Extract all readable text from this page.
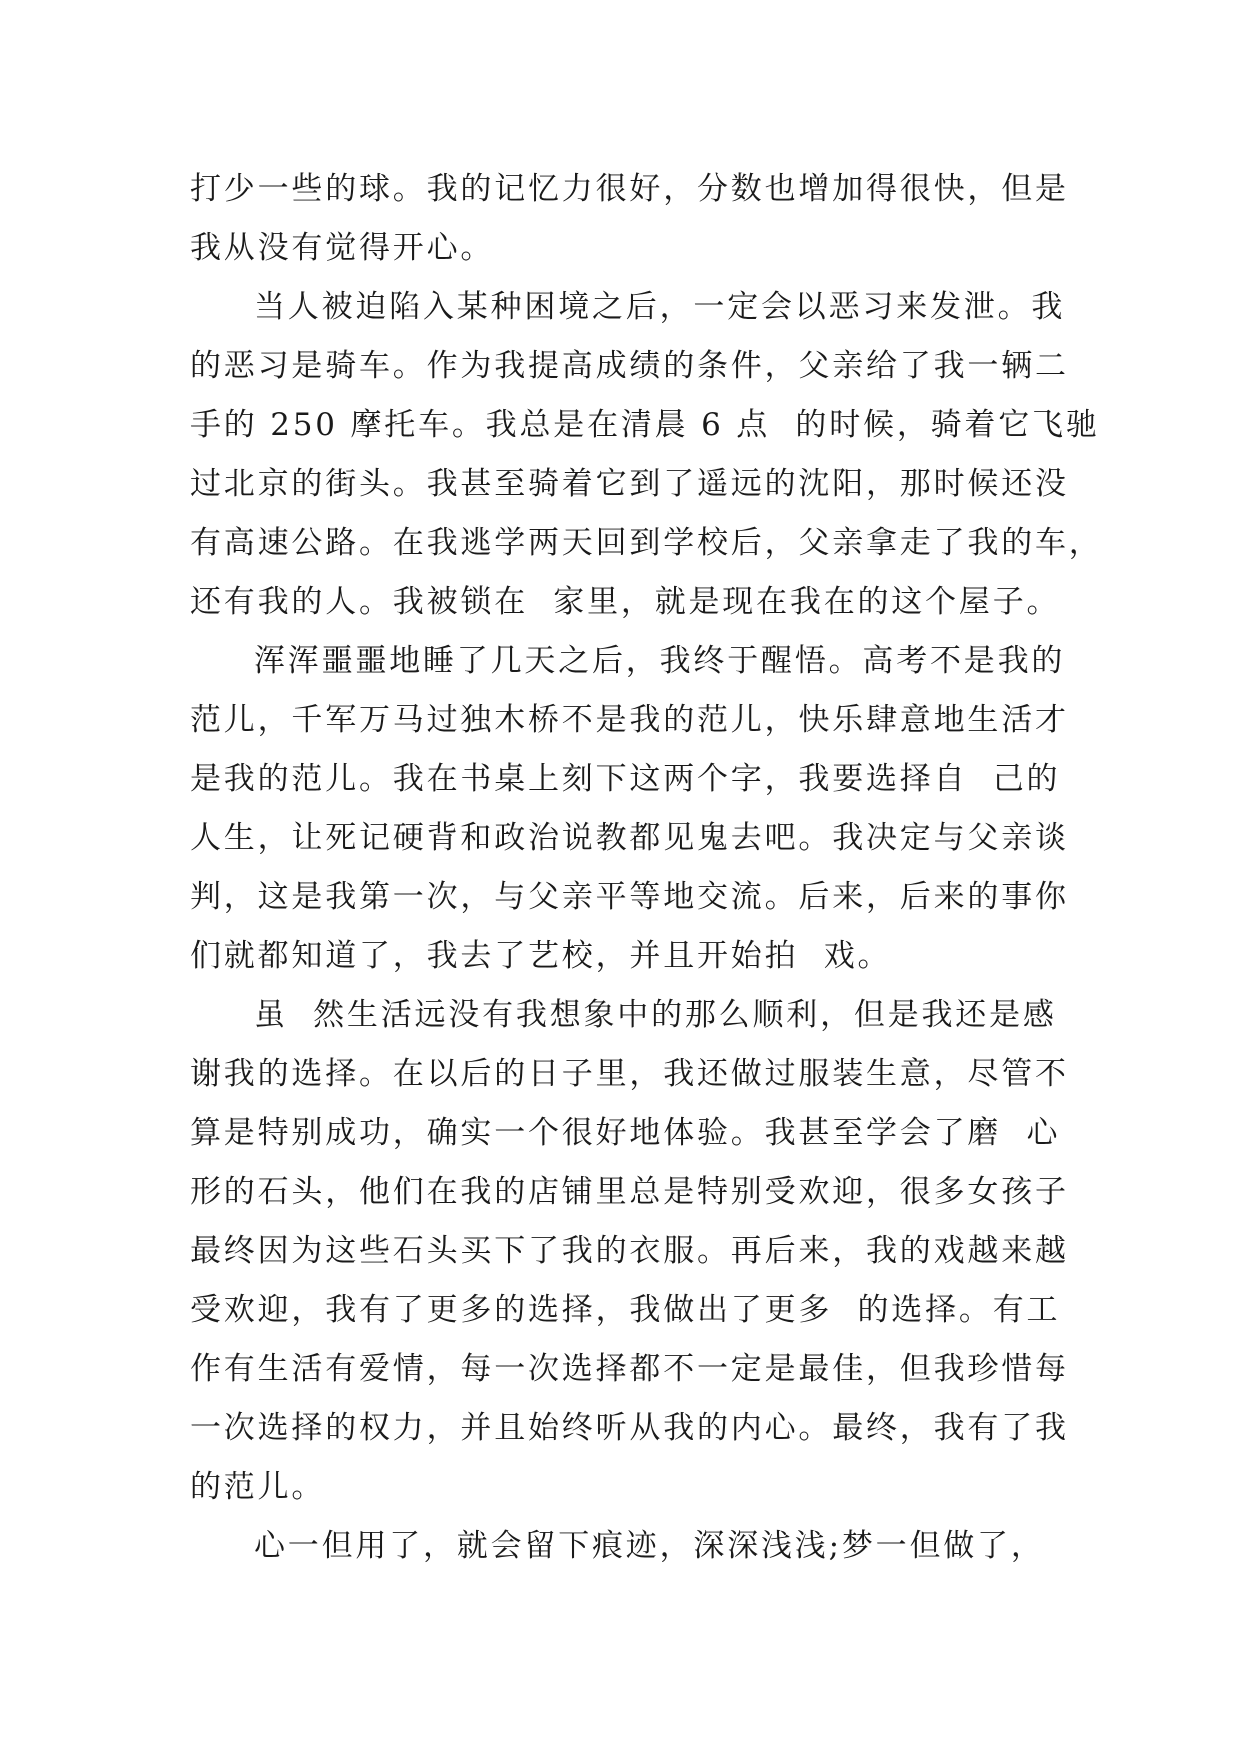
打少一些的球。我的记忆力很好，分数也增加得很快，但是
我从没有觉得开心。
当人被迫陷入某种困境之后，一定会以恶习来发泄。我
的恶习是骑车。作为我提高成绩的条件，父亲给了我一辆二
手的 250 摩托车。我总是在清晨 6 点  的时候，骑着它飞驰
过北京的街头。我甚至骑着它到了遥远的沈阳，那时候还没
有高速公路。在我逃学两天回到学校后，父亲拿走了我的车，
还有我的人。我被锁在  家里，就是现在我在的这个屋子。
浑浑噩噩地睡了几天之后，我终于醒悟。高考不是我的
范儿，千军万马过独木桥不是我的范儿，快乐肆意地生活才
是我的范儿。我在书桌上刻下这两个字，我要选择自  己的
人生，让死记硬背和政治说教都见鬼去吧。我决定与父亲谈
判，这是我第一次，与父亲平等地交流。后来，后来的事你
们就都知道了，我去了艺校，并且开始拍  戏。
虽  然生活远没有我想象中的那么顺利，但是我还是感
谢我的选择。在以后的日子里，我还做过服装生意，尽管不
算是特别成功，确实一个很好地体验。我甚至学会了磨  心
形的石头，他们在我的店铺里总是特别受欢迎，很多女孩子
最终因为这些石头买下了我的衣服。再后来，我的戏越来越
受欢迎，我有了更多的选择，我做出了更多  的选择。有工
作有生活有爱情，每一次选择都不一定是最佳，但我珍惜每
一次选择的权力，并且始终听从我的内心。最终，我有了我
的范儿。
心一但用了，就会留下痕迹，深深浅浅;梦一但做了，
